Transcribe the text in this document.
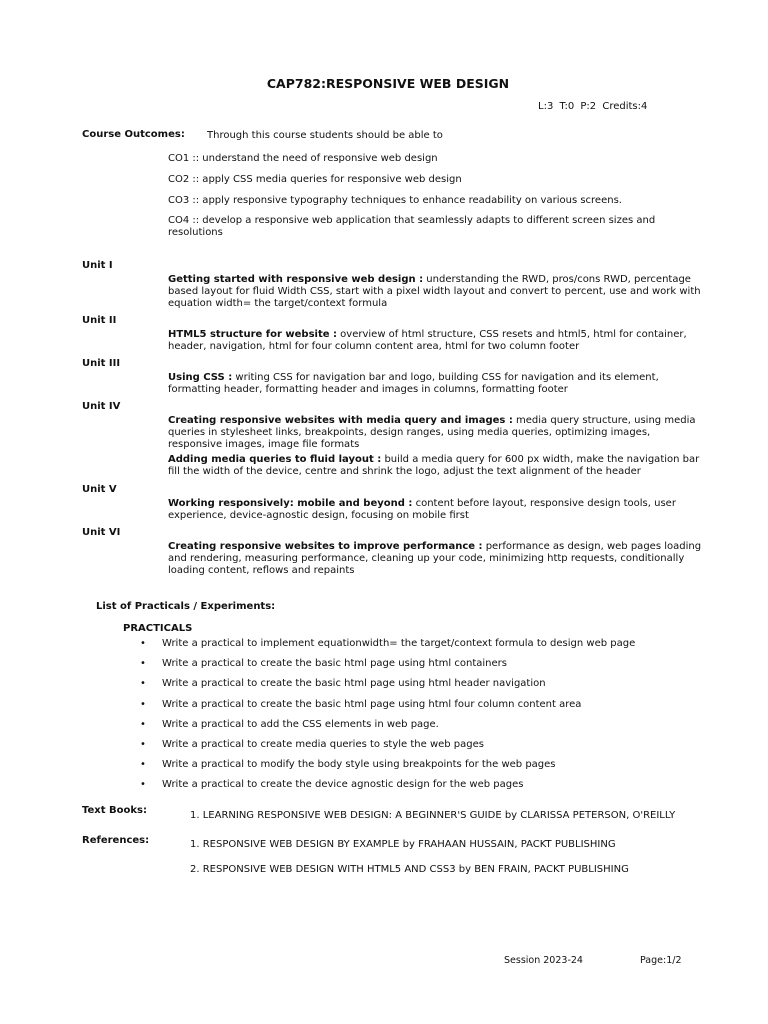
CAP782:RESPONSIVE WEB DESIGN
L:3 T:0 P:2 Credits:4
Course Outcomes: Through this course students should be able to
CO1 :: understand the need of responsive web design
CO2 :: apply CSS media queries for responsive web design
CO3 :: apply responsive typography techniques to enhance readability on various screens.
CO4 :: develop a responsive web application that seamlessly adapts to different screen sizes and resolutions
Unit I
Getting started with responsive web design : understanding the RWD, pros/cons RWD, percentage based layout for fluid Width CSS, start with a pixel width layout and convert to percent, use and work with equation width= the target/context formula
Unit II
HTML5 structure for website : overview of html structure, CSS resets and html5, html for container, header, navigation, html for four column content area, html for two column footer
Unit III
Using CSS : writing CSS for navigation bar and logo, building CSS for navigation and its element, formatting header, formatting header and images in columns, formatting footer
Unit IV
Creating responsive websites with media query and images : media query structure, using media queries in stylesheet links, breakpoints, design ranges, using media queries, optimizing images, responsive images, image file formats
Adding media queries to fluid layout : build a media query for 600 px width, make the navigation bar fill the width of the device, centre and shrink the logo, adjust the text alignment of the header
Unit V
Working responsively: mobile and beyond : content before layout, responsive design tools, user experience, device-agnostic design, focusing on mobile first
Unit VI
Creating responsive websites to improve performance : performance as design, web pages loading and rendering, measuring performance, cleaning up your code, minimizing http requests, conditionally loading content, reflows and repaints
List of Practicals / Experiments:
PRACTICALS
• Write a practical to implement equationwidth= the target/context formula to design web page
• Write a practical to create the basic html page using html containers
• Write a practical to create the basic html page using html header navigation
• Write a practical to create the basic html page using html four column content area
• Write a practical to add the CSS elements in web page.
• Write a practical to create media queries to style the web pages
• Write a practical to modify the body style using breakpoints for the web pages
• Write a practical to create the device agnostic design for the web pages
Text Books:	1. LEARNING RESPONSIVE WEB DESIGN: A BEGINNER'S GUIDE by CLARISSA PETERSON, O'REILLY
References:	1. RESPONSIVE WEB DESIGN BY EXAMPLE by FRAHAAN HUSSAIN, PACKT PUBLISHING
2. RESPONSIVE WEB DESIGN WITH HTML5 AND CSS3 by BEN FRAIN, PACKT PUBLISHING
Session 2023-24	Page:1/2
